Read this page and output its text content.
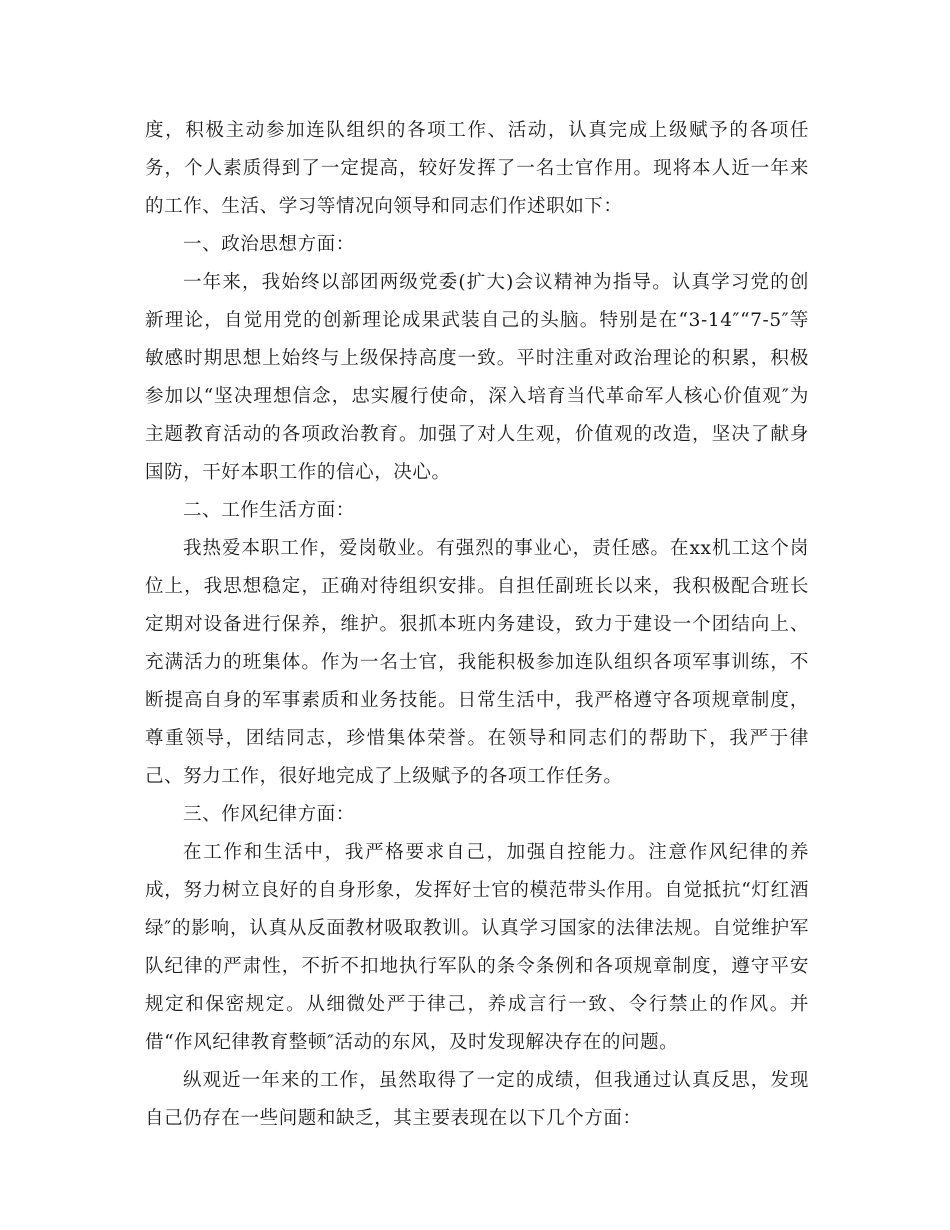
度，积极主动参加连队组织的各项工作、活动，认真完成上级赋予的各项任务，个人素质得到了一定提高，较好发挥了一名士官作用。现将本人近一年来的工作、生活、学习等情况向领导和同志们作述职如下：

一、政治思想方面：

一年来，我始终以部团两级党委(扩大)会议精神为指导。认真学习党的创新理论，自觉用党的创新理论成果武装自己的头脑。特别是在“3-14″“7-5″等敏感时期思想上始终与上级保持高度一致。平时注重对政治理论的积累，积极参加以“坚决理想信念，忠实履行使命，深入培育当代革命军人核心价值观″为主题教育活动的各项政治教育。加强了对人生观，价值观的改造，坚决了献身国防，干好本职工作的信心，决心。

二、工作生活方面：

我热爱本职工作，爱岗敬业。有强烈的事业心，责任感。在xx机工这个岗位上，我思想稳定，正确对待组织安排。自担任副班长以来，我积极配合班长定期对设备进行保养，维护。狠抓本班内务建设，致力于建设一个团结向上、充满活力的班集体。作为一名士官，我能积极参加连队组织各项军事训练，不断提高自身的军事素质和业务技能。日常生活中，我严格遵守各项规章制度，尊重领导，团结同志，珍惜集体荣誉。在领导和同志们的帮助下，我严于律己、努力工作，很好地完成了上级赋予的各项工作任务。

三、作风纪律方面：

在工作和生活中，我严格要求自己，加强自控能力。注意作风纪律的养成，努力树立良好的自身形象，发挥好士官的模范带头作用。自觉抵抗“灯红酒绿″的影响，认真从反面教材吸取教训。认真学习国家的法律法规。自觉维护军队纪律的严肃性，不折不扣地执行军队的条令条例和各项规章制度，遵守平安规定和保密规定。从细微处严于律己，养成言行一致、令行禁止的作风。并借“作风纪律教育整顿″活动的东风，及时发现解决存在的问题。

纵观近一年来的工作，虽然取得了一定的成绩，但我通过认真反思，发现自己仍存在一些问题和缺乏，其主要表现在以下几个方面：
